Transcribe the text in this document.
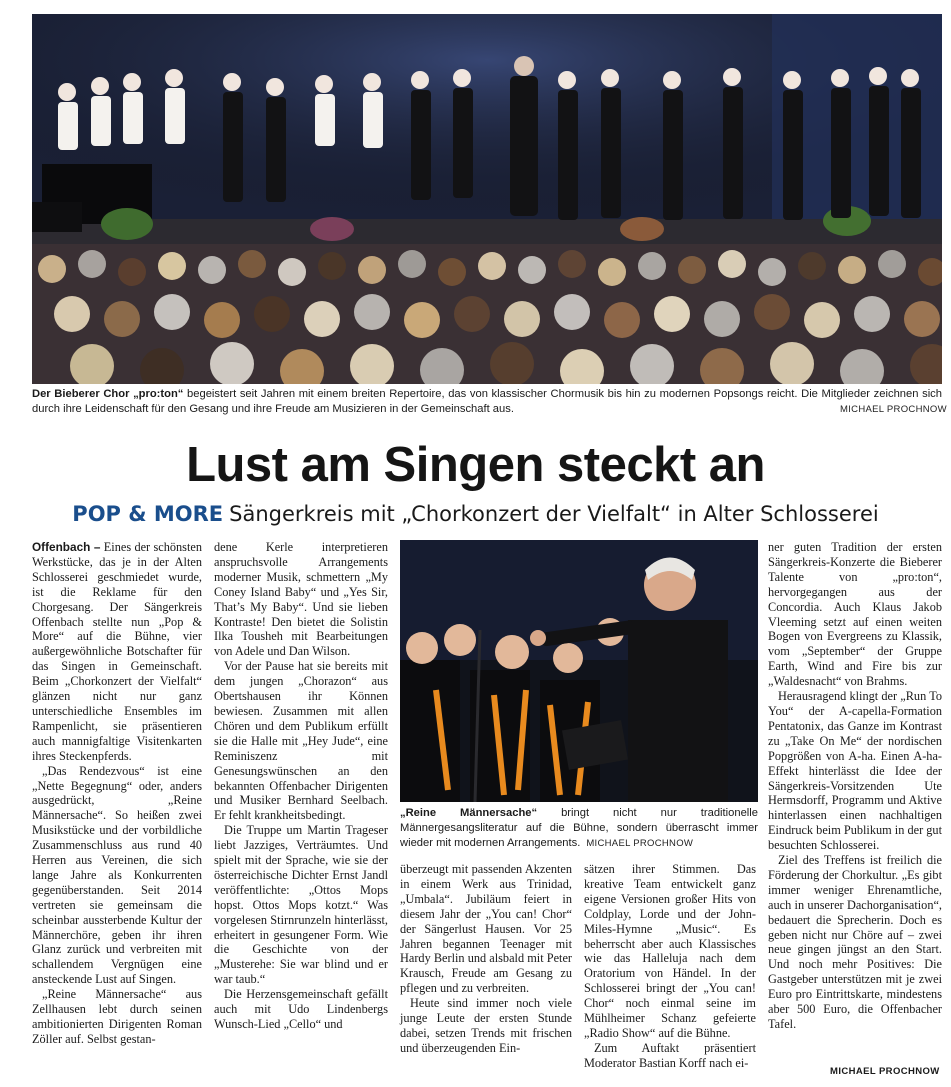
Der Bieberer Chor „pro:ton“ begeistert seit Jahren mit einem breiten Repertoire, das von klassischer Chormusik bis hin zu modernen Popsongs reicht. Die Mitglieder zeichnen sich durch ihre Leidenschaft für den Gesang und ihre Freude am Musizieren in der Gemeinschaft aus.	MICHAEL PROCHNOW
Lust am Singen steckt an
POP & MORE Sängerkreis mit „Chorkonzert der Vielfalt“ in Alter Schlosserei

Offenbach – Eines der schönsten Werkstücke, das je in der Alten Schlosserei geschmiedet wurde, ist die Reklame für den Chorgesang. Der Sängerkreis Offenbach stellte nun „Pop & More“ auf die Bühne, vier außergewöhnliche Botschafter für das Singen in Gemeinschaft. Beim „Chorkonzert der Vielfalt“ glänzen nicht nur ganz unterschiedliche Ensembles im Rampenlicht, sie präsentieren auch mannigfaltige Visitenkarten ihres Steckenpferds.

„Das Rendezvous“ ist eine „Nette Begegnung“ oder, anders ausgedrückt, „Reine Männersache“. So heißen zwei Musikstücke und der vorbildliche Zusammenschluss aus rund 40 Herren aus Vereinen, die sich lange Jahre als Konkurrenten gegenüberstanden. Seit 2014 vertreten sie gemeinsam die scheinbar aussterbende Kultur der Männerchöre, geben ihr ihren Glanz zurück und verbreiten mit schallendem Vergnügen eine ansteckende Lust auf Singen.

„Reine Männersache“ aus Zellhausen lebt durch seinen ambitionierten Dirigenten Roman Zöller auf. Selbst gestan-

dene Kerle interpretieren anspruchsvolle Arrangements moderner Musik, schmettern „My Coney Island Baby“ und „Yes Sir, That’s My Baby“. Und sie lieben Kontraste! Den bietet die Solistin Ilka Tousheh mit Bearbeitungen von Adele und Dan Wilson.

Vor der Pause hat sie bereits mit dem jungen „Chorazon“ aus Obertshausen ihr Können bewiesen. Zusammen mit allen Chören und dem Publikum erfüllt sie die Halle mit „Hey Jude“, eine Reminiszenz mit Genesungswünschen an den bekannten Offenbacher Dirigenten und Musiker Bernhard Seelbach. Er fehlt krankheitsbedingt.

Die Truppe um Martin Trageser liebt Jazziges, Verträumtes. Und spielt mit der Sprache, wie sie der österreichische Dichter Ernst Jandl veröffentlichte: „Ottos Mops hopst. Ottos Mops kotzt.“ Was vorgelesen Stirnrunzeln hinterlässt, erheitert in gesungener Form. Wie die Geschichte von der „Musterehe: Sie war blind und er war taub.“

Die Herzensgemeinschaft gefällt auch mit Udo Lindenbergs Wunsch-Lied „Cello“ und

„Reine Männersache“ bringt nicht nur traditionelle Männergesangsliteratur auf die Bühne, sondern überrascht immer wieder mit modernen Arrangements. MICHAEL PROCHNOW

überzeugt mit passenden Akzenten in einem Werk aus Trinidad, „Umbala“. Jubiläum feiert in diesem Jahr der „You can! Chor“ der Sängerlust Hausen. Vor 25 Jahren begannen Teenager mit Hardy Berlin und alsbald mit Peter Krausch, Freude am Gesang zu pflegen und zu verbreiten.

Heute sind immer noch viele junge Leute der ersten Stunde dabei, setzen Trends mit frischen und überzeugenden Ein-

sätzen ihrer Stimmen. Das kreative Team entwickelt ganz eigene Versionen großer Hits von Coldplay, Lorde und der John-Miles-Hymne „Music“. Es beherrscht aber auch Klassisches wie das Halleluja nach dem Oratorium von Händel. In der Schlosserei bringt der „You can! Chor“ noch einmal seine im Mühlheimer Schanz gefeierte „Radio Show“ auf die Bühne.

Zum Auftakt präsentiert Moderator Bastian Korff nach ei-

ner guten Tradition der ersten Sängerkreis-Konzerte die Bieberer Talente von „pro:ton“, hervorgegangen aus der Concordia. Auch Klaus Jakob Vleeming setzt auf einen weiten Bogen von Evergreens zu Klassik, vom „September“ der Gruppe Earth, Wind and Fire bis zur „Waldesnacht“ von Brahms.

Herausragend klingt der „Run To You“ der A-capella-Formation Pentatonix, das Ganze im Kontrast zu „Take On Me“ der nordischen Popgrößen von A-ha. Einen A-ha-Effekt hinterlässt die Idee der Sängerkreis-Vorsitzenden Ute Hermsdorff, Programm und Aktive hinterlassen einen nachhaltigen Eindruck beim Publikum in der gut besuchten Schlosserei.

Ziel des Treffens ist freilich die Förderung der Chorkultur. „Es gibt immer weniger Ehrenamtliche, auch in unserer Dachorganisation“, bedauert die Sprecherin. Doch es geben nicht nur Chöre auf – zwei neue gingen jüngst an den Start. Und noch mehr Positives: Die Gastgeber unterstützen mit je zwei Euro pro Eintrittskarte, mindestens aber 500 Euro, die Offenbacher Tafel.

MICHAEL PROCHNOW
